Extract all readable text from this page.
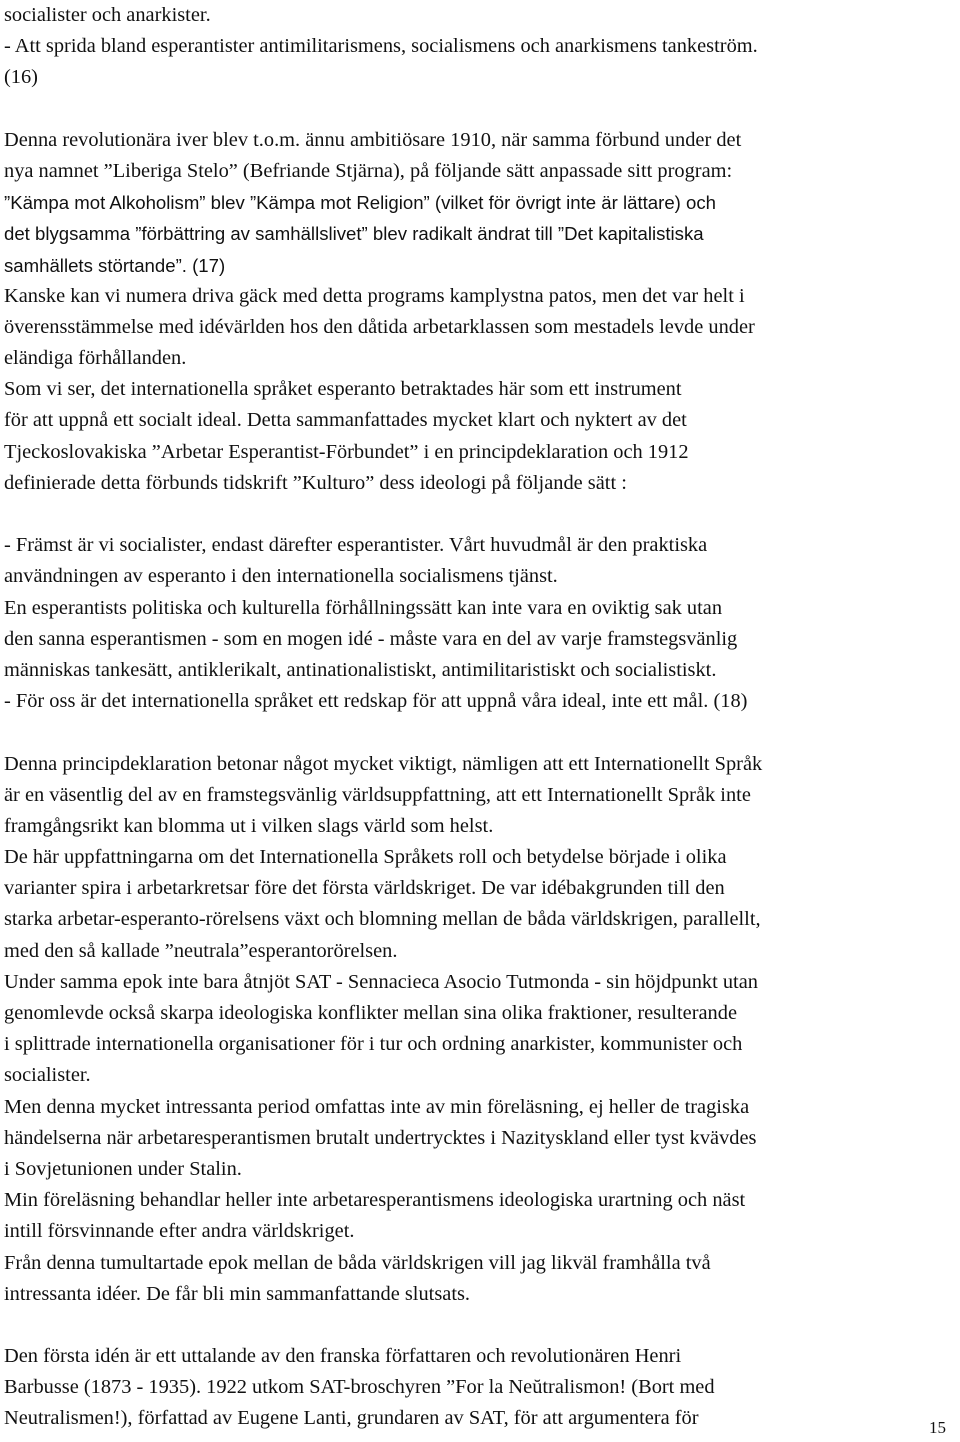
socialister och anarkister.
- Att sprida bland esperantister antimilitarismens, socialismens och anarkismens tankeström.
(16)
Denna revolutionära iver blev t.o.m. ännu ambitiösare 1910, när samma förbund under det
nya namnet ”Liberiga Stelo” (Befriande Stjärna), på följande sätt anpassade sitt program:
”Kämpa mot Alkoholism” blev ”Kämpa mot Religion” (vilket för övrigt inte är lättare) och
det blygsamma ”förbättring av samhällslivet” blev radikalt ändrat till ”Det kapitalistiska
samhällets störtande”. (17)
Kanske kan vi numera driva gäck med detta programs kamplystna patos, men det var helt i
överensstämmelse med idévärlden hos den dåtida arbetarklassen som mestadels levde under
eländiga förhållanden.
Som vi ser, det internationella språket esperanto betraktades här som ett instrument
för att uppnå ett socialt ideal. Detta sammanfattades mycket klart och nyktert av det
Tjeckoslovakiska ”Arbetar Esperantist-Förbundet” i en principdeklaration och 1912
definierade detta förbunds tidskrift ”Kulturo” dess ideologi på följande sätt :
- Främst är vi socialister, endast därefter esperantister. Vårt huvudmål är den praktiska
användningen av esperanto i den internationella socialismens tjänst.
En esperantists politiska och kulturella förhållningssätt kan inte vara en oviktig sak utan
den sanna esperantismen - som en mogen idé - måste vara en del av varje framstegsvänlig
människas tankesätt, antiklerikalt, antinationalistiskt, antimilitaristiskt och socialistiskt.
- För oss är det internationella språket ett redskap för att uppnå våra ideal, inte ett mål. (18)
Denna principdeklaration betonar något mycket viktigt, nämligen att ett Internationellt Språk
är en väsentlig del av en framstegsvänlig världsuppfattning, att ett Internationellt Språk inte
framgångsrikt kan blomma ut i vilken slags värld som helst.
De här uppfattningarna om det Internationella Språkets roll och betydelse började i olika
varianter spira i arbetarkretsar före det första världskriget. De var idébakgrunden till den
starka arbetar-esperanto-rörelsens växt och blomning mellan de båda världskrigen, parallellt,
med den så kallade ”neutrala”esperantorörelsen.
Under samma epok inte bara åtnjöt SAT - Sennacieca Asocio Tutmonda - sin höjdpunkt utan
genomlevde också skarpa ideologiska konflikter mellan sina olika fraktioner, resulterande
i splittrade internationella organisationer för i tur och ordning anarkister, kommunister och
socialister.
Men denna mycket intressanta period omfattas inte av min föreläsning, ej heller de tragiska
händelserna när arbetaresperantismen brutalt undertrycktes i Nazityskland eller tyst kvävdes
i Sovjetunionen under Stalin.
Min föreläsning behandlar heller inte arbetaresperantismens ideologiska urartning och näst
intill försvinnande efter andra världskriget.
Från denna tumultartade epok mellan de båda världskrigen vill jag likväl framhålla två
intressanta idéer. De får bli min sammanfattande slutsats.
Den första idén är ett uttalande av den franska författaren och revolutionären Henri
Barbusse (1873 - 1935). 1922 utkom SAT-broschyren ”For la Neŭtralismon! (Bort med
Neutralismen!), författad av Eugene Lanti, grundaren av SAT, för att argumentera för	15
